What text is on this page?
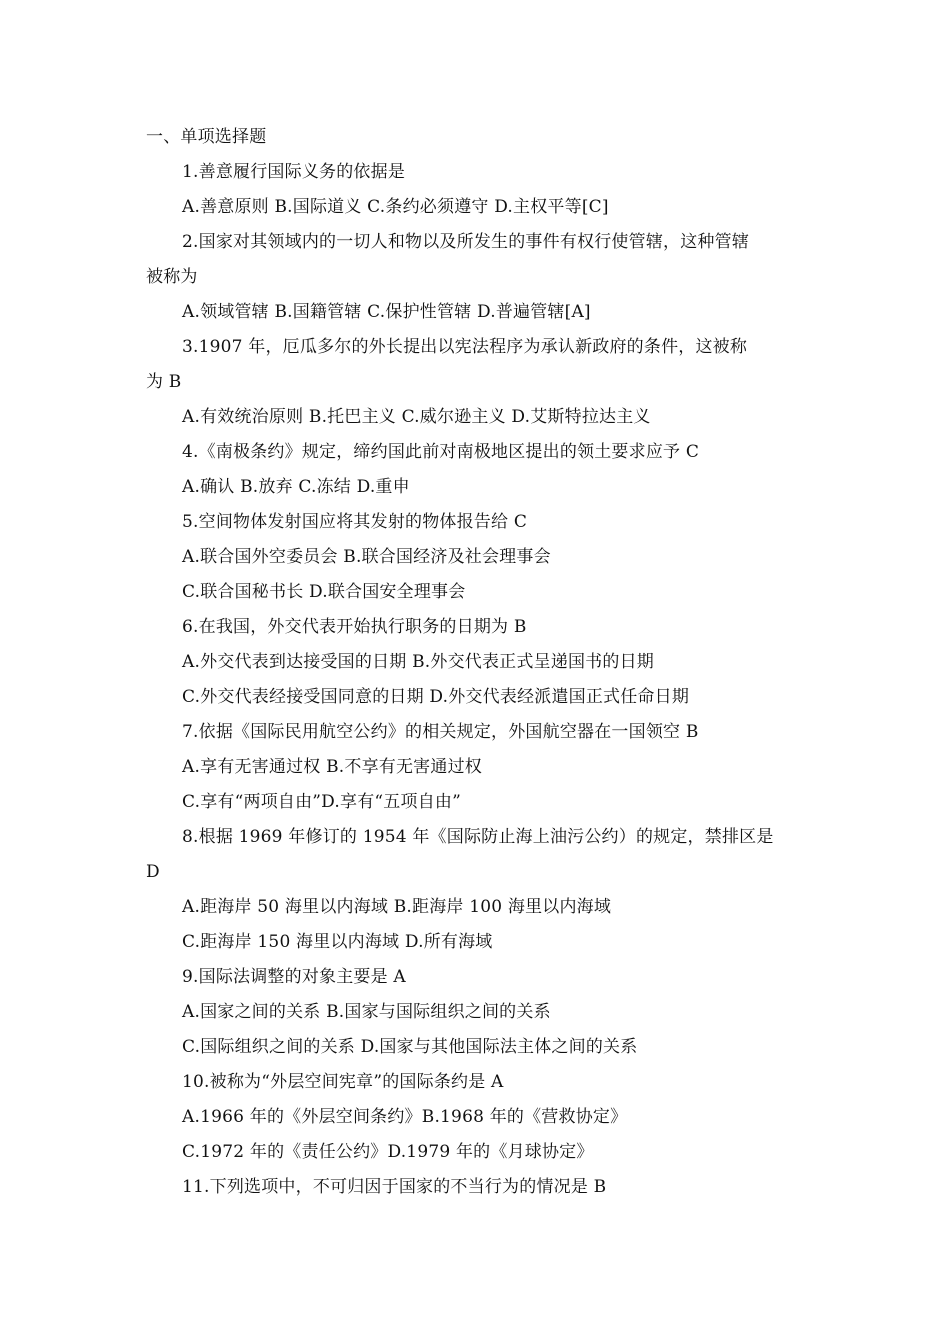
一、单项选择题
1.善意履行国际义务的依据是
A.善意原则 B.国际道义 C.条约必须遵守 D.主权平等[C]
2.国家对其领域内的一切人和物以及所发生的事件有权行使管辖，这种管辖
被称为
A.领域管辖 B.国籍管辖 C.保护性管辖 D.普遍管辖[A]
3.1907 年，厄瓜多尔的外长提出以宪法程序为承认新政府的条件，这被称
为 B
A.有效统治原则 B.托巴主义 C.威尔逊主义 D.艾斯特拉达主义
4.《南极条约》规定，缔约国此前对南极地区提出的领土要求应予 C
A.确认 B.放弃 C.冻结 D.重申
5.空间物体发射国应将其发射的物体报告给 C
A.联合国外空委员会 B.联合国经济及社会理事会
C.联合国秘书长 D.联合国安全理事会
6.在我国，外交代表开始执行职务的日期为 B
A.外交代表到达接受国的日期 B.外交代表正式呈递国书的日期
C.外交代表经接受国同意的日期 D.外交代表经派遣国正式任命日期
7.依据《国际民用航空公约》的相关规定，外国航空器在一国领空 B
A.享有无害通过权 B.不享有无害通过权
C.享有“两项自由”D.享有“五项自由”
8.根据 1969 年修订的 1954 年《国际防止海上油污公约）的规定，禁排区是
D
A.距海岸 50 海里以内海域 B.距海岸 100 海里以内海域
C.距海岸 150 海里以内海域 D.所有海域
9.国际法调整的对象主要是 A
A.国家之间的关系 B.国家与国际组织之间的关系
C.国际组织之间的关系 D.国家与其他国际法主体之间的关系
10.被称为“外层空间宪章”的国际条约是 A
A.1966 年的《外层空间条约》B.1968 年的《营救协定》
C.1972 年的《责任公约》D.1979 年的《月球协定》
11.下列选项中，不可归因于国家的不当行为的情况是 B
